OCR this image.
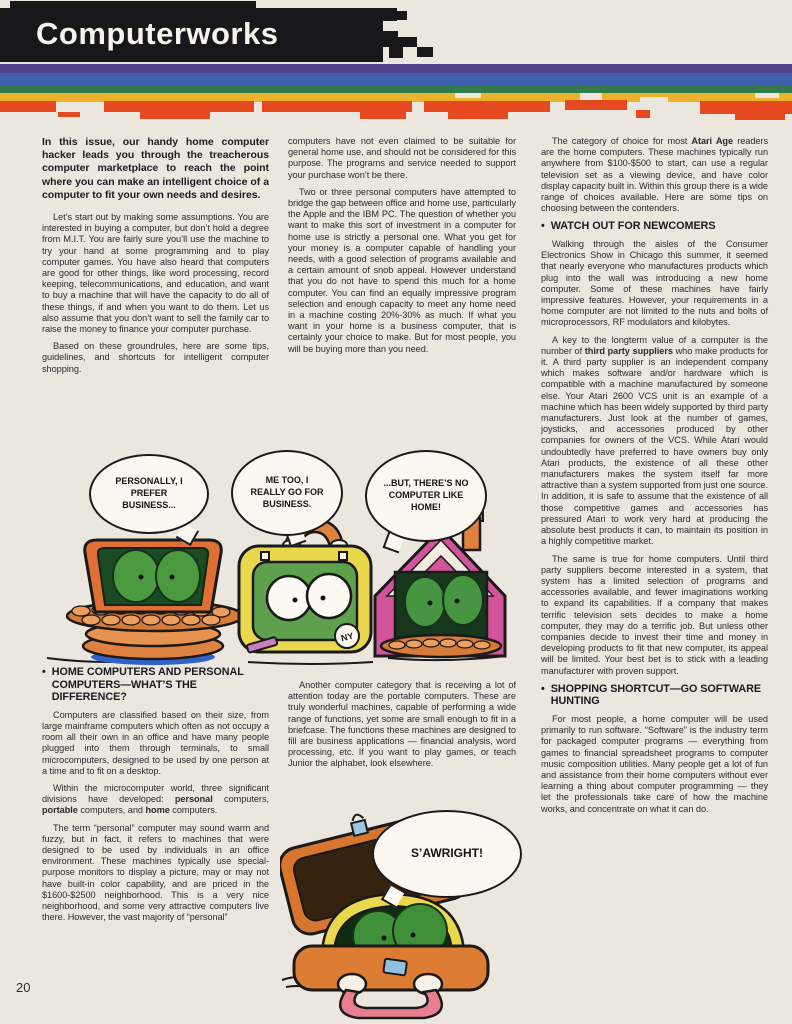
Computerworks

In this issue, our handy home computer hacker leads you through the treacherous computer marketplace to reach the point where you can make an intelligent choice of a computer to fit your own needs and desires.

Let’s start out by making some assumptions. You are interested in buying a computer, but don’t hold a degree from M.I.T. You are fairly sure you’ll use the machine to try your hand at some programming and to play computer games. You have also heard that computers are good for other things, like word processing, record keeping, telecommunications, and education, and want to buy a machine that will have the capacity to do all of these things, if and when you want to do them. Let us also assume that you don’t want to sell the family car to raise the money to finance your computer purchase.

Based on these groundrules, here are some tips, guidelines, and shortcuts for intelligent computer shopping.

computers have not even claimed to be suitable for general home use, and should not be considered for this purpose. The programs and service needed to support your purchase won’t be there.

Two or three personal computers have attempted to bridge the gap between office and home use, particularly the Apple and the IBM PC. The question of whether you want to make this sort of investment in a computer for home use is strictly a personal one. What you get for your money is a computer capable of handling your needs, with a good selection of programs available and a certain amount of snob appeal. However understand that you do not have to spend this much for a home computer. You can find an equally impressive program selection and enough capacity to meet any home need in a machine costing 20%-30% as much. If what you want in your home is a business computer, that is certainly your choice to make. But for most people, you will be buying more than you need.

The category of choice for most Atari Age readers are the home computers. These machines typically run anywhere from $100-$500 to start, can use a regular television set as a viewing device, and have color display capacity built in. Within this group there is a wide range of choices available. Here are some tips on choosing between the contenders.

• WATCH OUT FOR NEWCOMERS

Walking through the aisles of the Consumer Electronics Show in Chicago this summer, it seemed that nearly everyone who manufactures products which plug into the wall was introducing a new home computer. Some of these machines have fairly impressive features. However, your requirements in a home computer are not limited to the nuts and bolts of microprocessors, RF modulators and kilobytes.

A key to the longterm value of a computer is the number of third party suppliers who make products for it. A third party supplier is an independent company which makes software and/or hardware which is compatible with a machine manufactured by someone else. Your Atari 2600 VCS unit is an example of a machine which has been widely supported by third party manufacturers. Just look at the number of games, joysticks, and accessories produced by other companies for owners of the VCS. While Atari would undoubtedly have preferred to have owners buy only Atari products, the existence of all these other manufacturers makes the system itself far more attractive than a system supported from just one source. In addition, it is safe to assume that the existence of all those competitive games and accessories has pressured Atari to work very hard at producing the absolute best products it can, to maintain its position in a highly competitive market.

The same is true for home computers. Until third party suppliers become interested in a system, that system has a limited selection of programs and accessories available, and fewer imaginations working to expand its capabilities. If a company that makes terrific television sets decides to make a home computer, they may do a terrific job. But unless other companies decide to invest their time and money in developing products to fit that new computer, its appeal will be limited. Your best bet is to stick with a leading manufacturer with proven support.

• SHOPPING SHORTCUT—GO SOFTWARE HUNTING

For most people, a home computer will be used primarily to run software. “Software” is the industry term for packaged computer programs — everything from games to financial spreadsheet programs to computer music composition utilities. Many people get a lot of fun and assistance from their home computers without ever learning a thing about computer programming — they let the professionals take care of how the machine works, and concentrate on what it can do.

PERSONALLY, I PREFER BUSINESS...
ME TOO, I REALLY GO FOR BUSINESS.
...BUT, THERE’S NO COMPUTER LIKE HOME!
NY
• HOME COMPUTERS AND PERSONAL COMPUTERS—WHAT’S THE DIFFERENCE?

Computers are classified based on their size, from large mainframe computers which often as not occupy a room all their own in an office and have many people plugged into them through terminals, to small microcomputers, designed to be used by one person at a time and to fit on a desktop.

Within the microcomputer world, three significant divisions have developed: personal computers, portable computers, and home computers.

The term “personal” computer may sound warm and fuzzy, but in fact, it refers to machines that were designed to be used by individuals in an office environment. These machines typically use special-purpose monitors to display a picture, may or may not have built-in color capability, and are priced in the $1600-$2500 neighborhood. This is a very nice neighborhood, and some very attractive computers live there. However, the vast majority of “personal”

Another computer category that is receiving a lot of attention today are the portable computers. These are truly wonderful machines, capable of performing a wide range of functions, yet some are small enough to fit in a briefcase. The functions these machines are designed to fill are business applications — financial analysis, word processing, etc. If you want to play games, or teach Junior the alphabet, look elsewhere.

S’AWRIGHT!
20
